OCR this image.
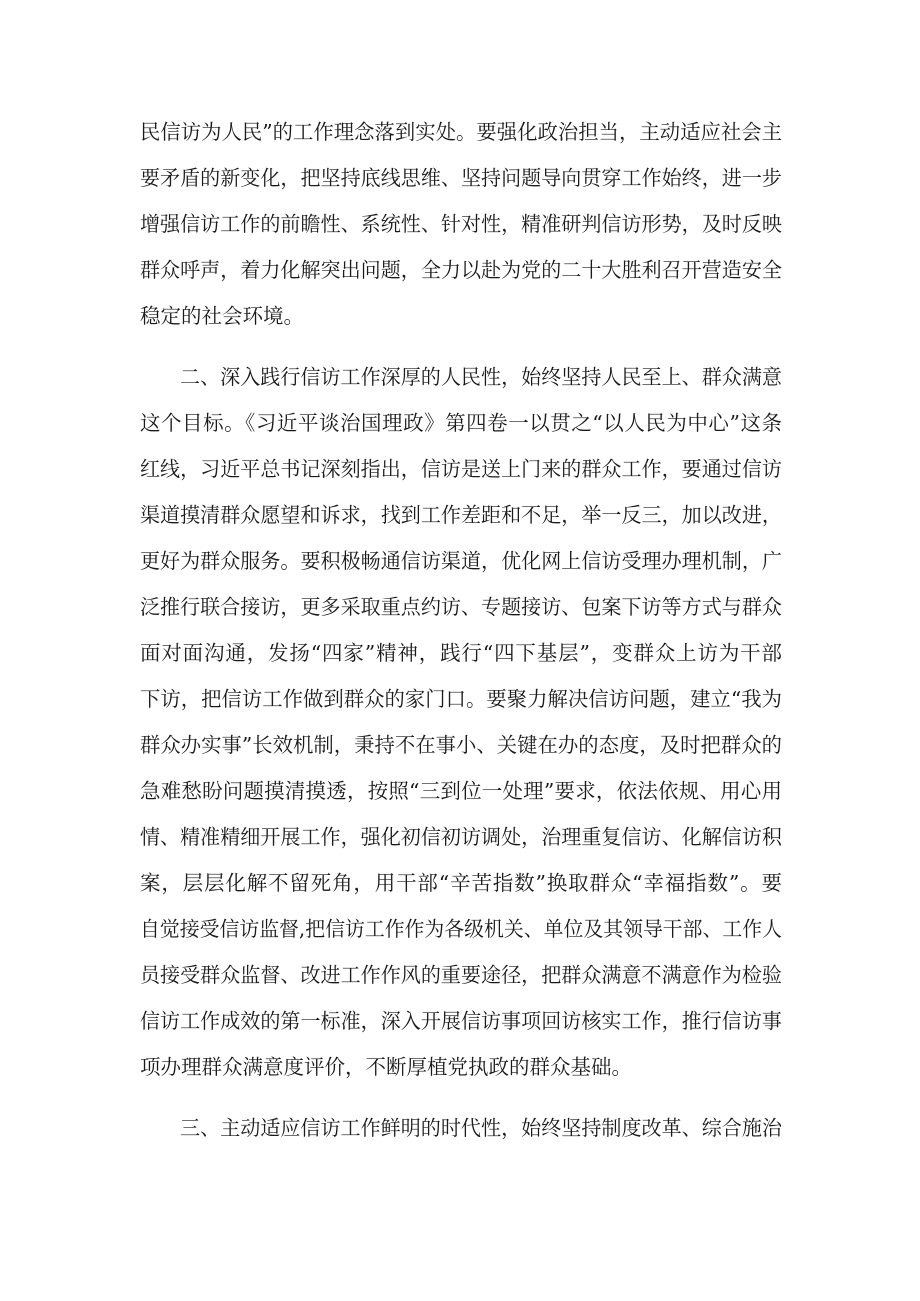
民信访为人民”的工作理念落到实处。要强化政治担当，主动适应社会主
要矛盾的新变化，把坚持底线思维、坚持问题导向贯穿工作始终，进一步
增强信访工作的前瞻性、系统性、针对性，精准研判信访形势，及时反映
群众呼声，着力化解突出问题，全力以赴为党的二十大胜利召开营造安全
稳定的社会环境。
二、深入践行信访工作深厚的人民性，始终坚持人民至上、群众满意
这个目标。《习近平谈治国理政》第四卷一以贯之“以人民为中心”这条
红线，习近平总书记深刻指出，信访是送上门来的群众工作，要通过信访
渠道摸清群众愿望和诉求，找到工作差距和不足，举一反三，加以改进，
更好为群众服务。要积极畅通信访渠道，优化网上信访受理办理机制，广
泛推行联合接访，更多采取重点约访、专题接访、包案下访等方式与群众
面对面沟通，发扬“四家”精神，践行“四下基层”，变群众上访为干部
下访，把信访工作做到群众的家门口。要聚力解决信访问题，建立“我为
群众办实事”长效机制，秉持不在事小、关键在办的态度，及时把群众的
急难愁盼问题摸清摸透，按照“三到位一处理”要求，依法依规、用心用
情、精准精细开展工作，强化初信初访调处，治理重复信访、化解信访积
案，层层化解不留死角，用干部“辛苦指数”换取群众“幸福指数”。要
自觉接受信访监督,把信访工作作为各级机关、单位及其领导干部、工作人
员接受群众监督、改进工作作风的重要途径，把群众满意不满意作为检验
信访工作成效的第一标准，深入开展信访事项回访核实工作，推行信访事
项办理群众满意度评价，不断厚植党执政的群众基础。
三、主动适应信访工作鲜明的时代性，始终坚持制度改革、综合施治
